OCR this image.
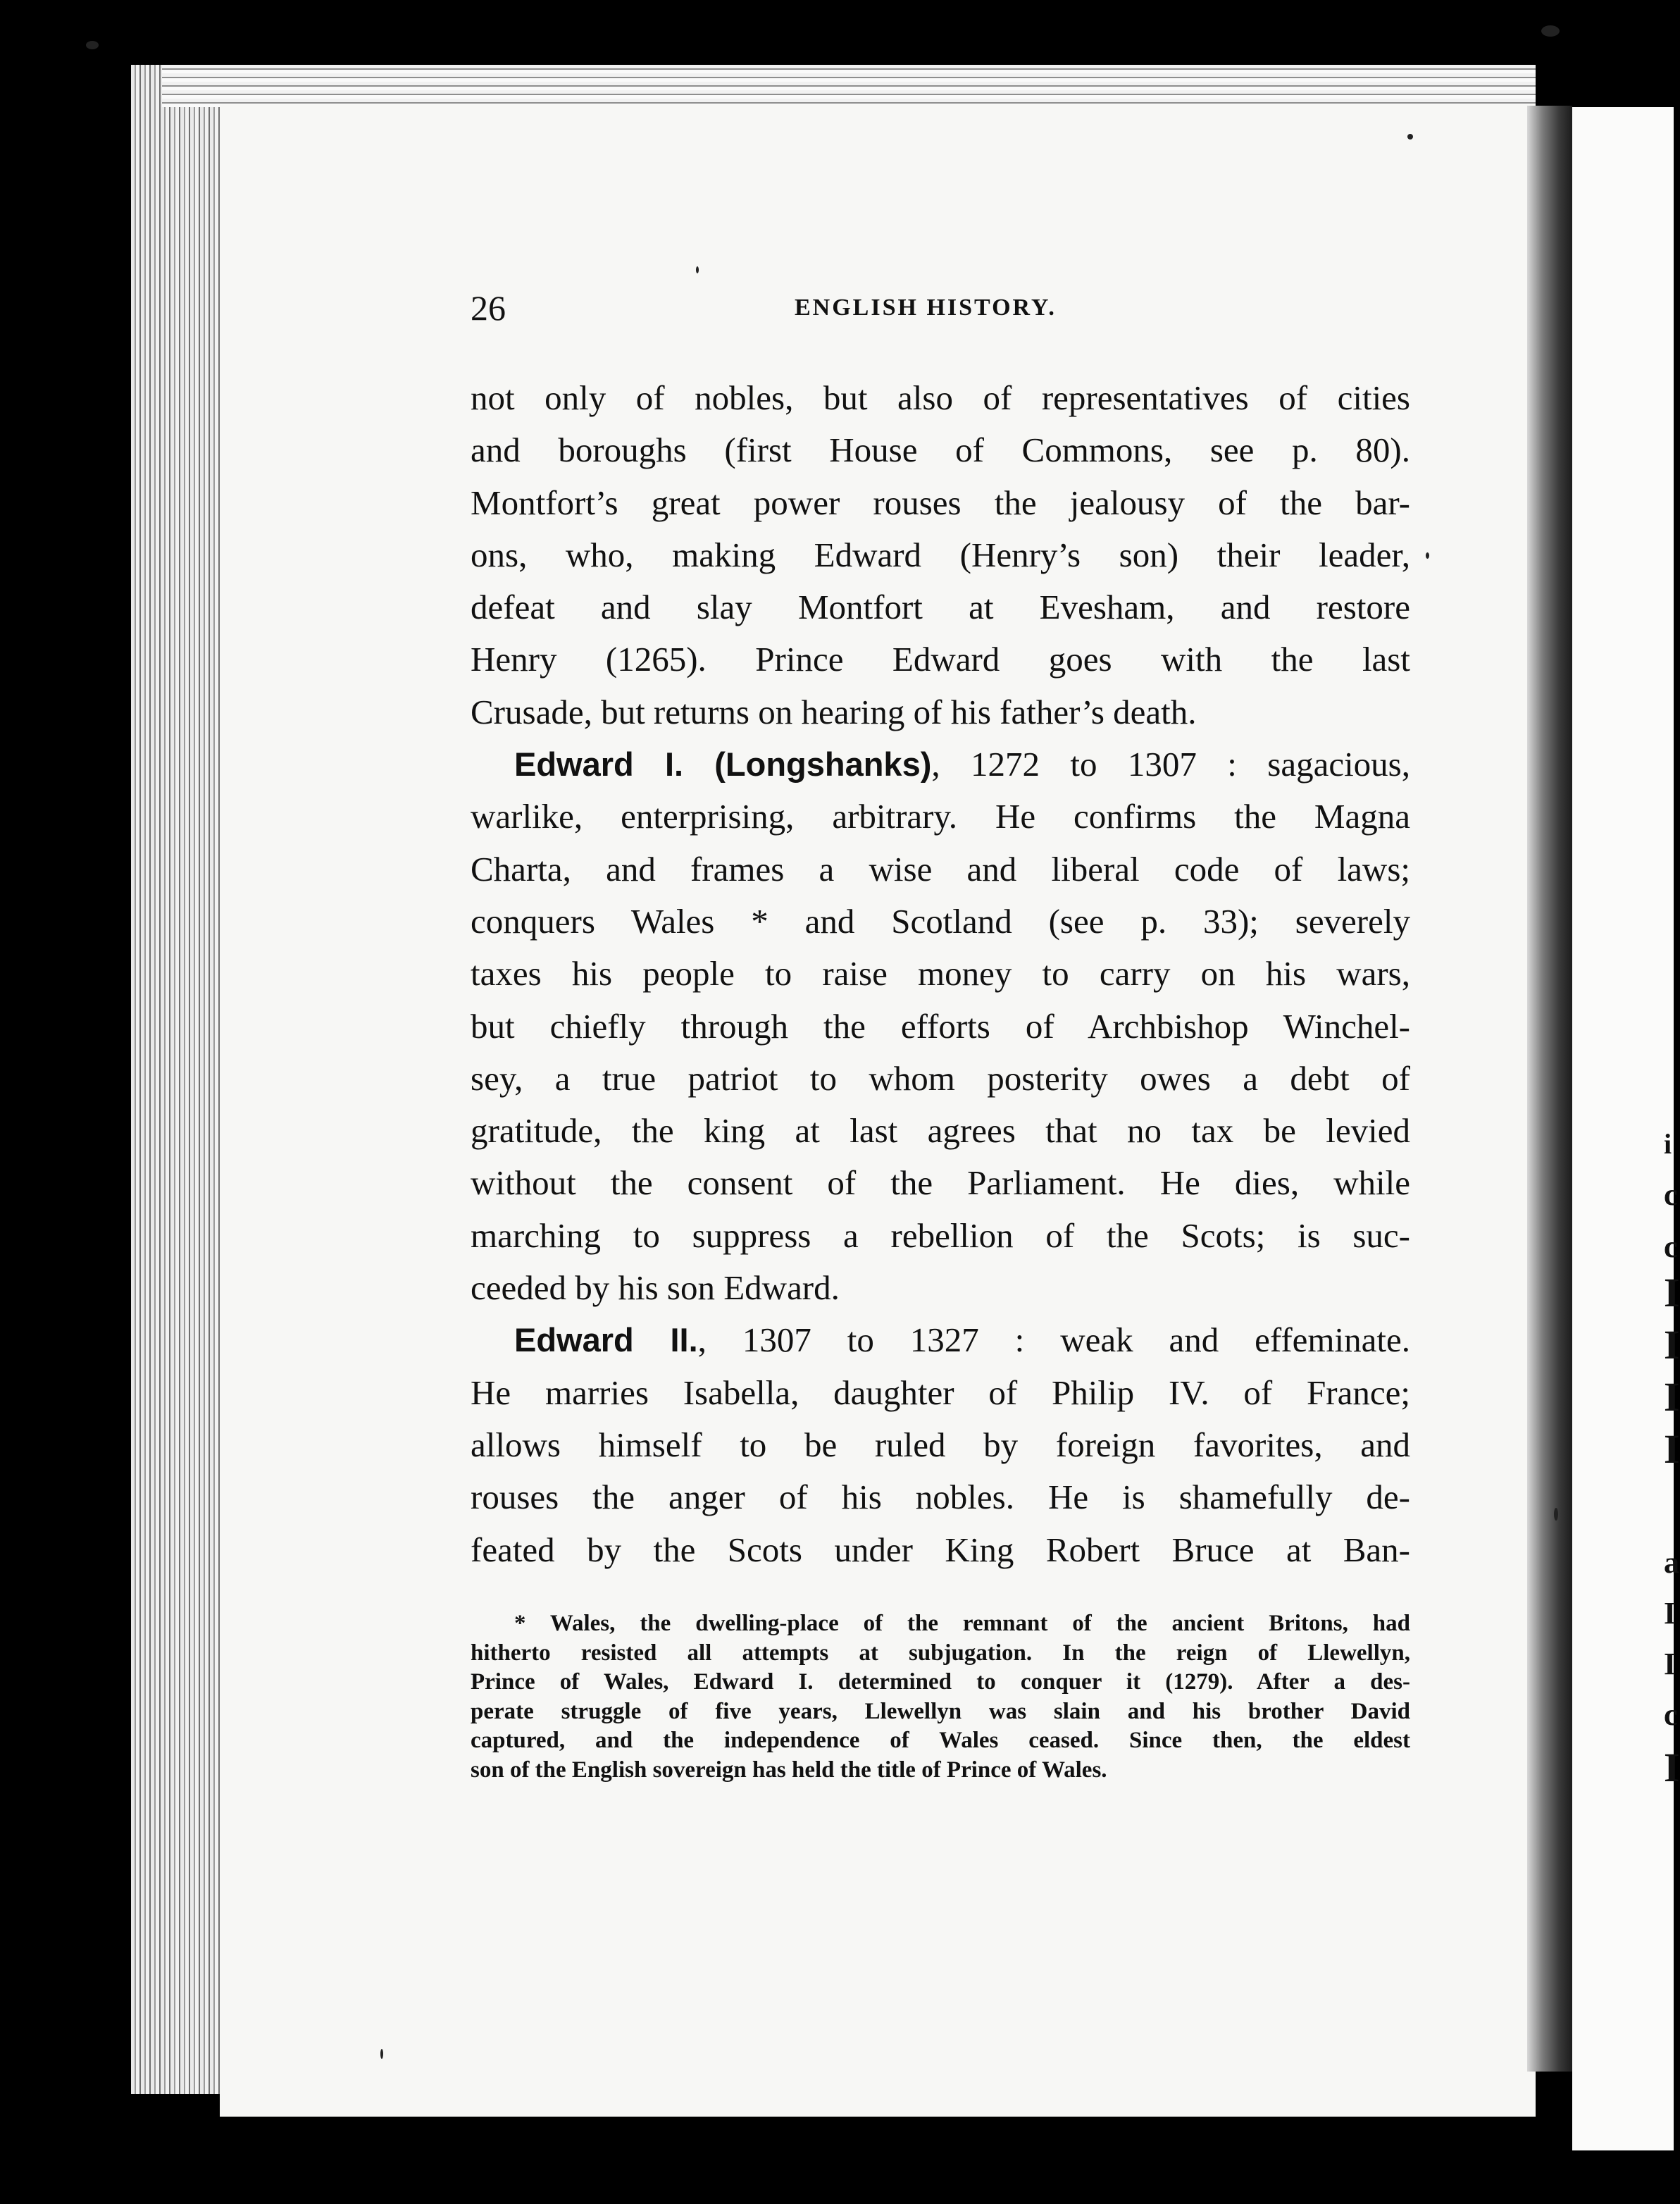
i
c
c
I
I
I
I
a
I
I
c
I
26	ENGLISH HISTORY.
not only of nobles, but also of representatives of cities
and boroughs (first House of Commons, see p. 80).
Montfort’s great power rouses the jealousy of the bar-
ons, who, making Edward (Henry’s son) their leader,
defeat and slay Montfort at Evesham, and restore
Henry (1265). Prince Edward goes with the last
Crusade, but returns on hearing of his father’s death.
Edward I. (Longshanks), 1272 to 1307 : sagacious,
warlike, enterprising, arbitrary. He confirms the Magna
Charta, and frames a wise and liberal code of laws;
conquers Wales * and Scotland (see p. 33); severely
taxes his people to raise money to carry on his wars,
but chiefly through the efforts of Archbishop Winchel-
sey, a true patriot to whom posterity owes a debt of
gratitude, the king at last agrees that no tax be levied
without the consent of the Parliament. He dies, while
marching to suppress a rebellion of the Scots; is suc-
ceeded by his son Edward.
Edward II., 1307 to 1327 : weak and effeminate.
He marries Isabella, daughter of Philip IV. of France;
allows himself to be ruled by foreign favorites, and
rouses the anger of his nobles. He is shamefully de-
feated by the Scots under King Robert Bruce at Ban-
* Wales, the dwelling-place of the remnant of the ancient Britons, had
hitherto resisted all attempts at subjugation. In the reign of Llewellyn,
Prince of Wales, Edward I. determined to conquer it (1279). After a des-
perate struggle of five years, Llewellyn was slain and his brother David
captured, and the independence of Wales ceased. Since then, the eldest
son of the English sovereign has held the title of Prince of Wales.
